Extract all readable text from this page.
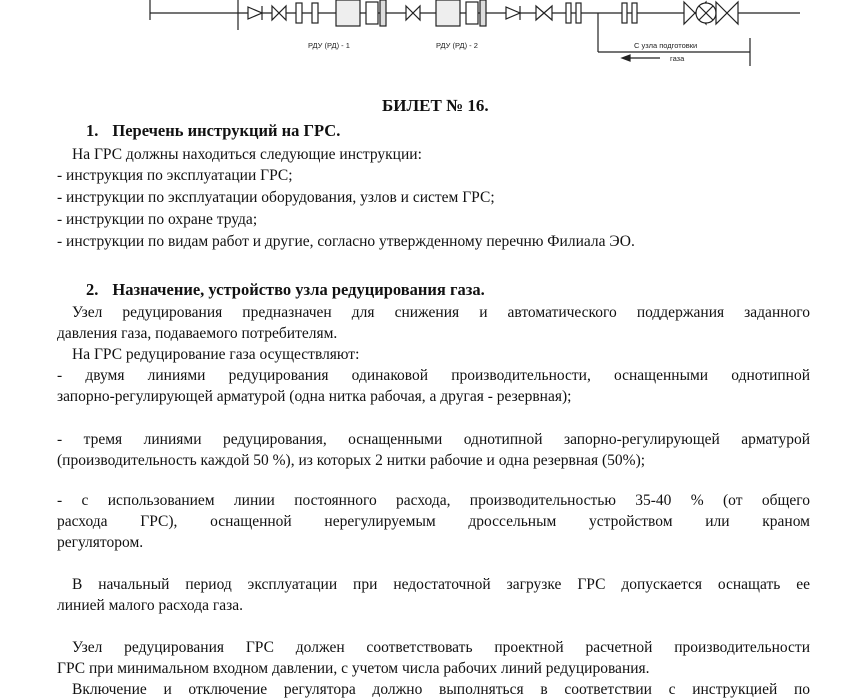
РДУ (РД) - 1	РДУ (РД) - 2	С узла подготовки
газа
БИЛЕТ № 16.
1. Перечень инструкций на ГРС.
На ГРС должны находиться следующие инструкции:
- инструкция по эксплуатации ГРС;
- инструкции по эксплуатации оборудования, узлов и систем ГРС;
- инструкции по охране труда;
- инструкции по видам работ и другие, согласно утвержденному перечню Филиала ЭО.
2. Назначение, устройство узла редуцирования газа.
Узел редуцирования предназначен для снижения и автоматического поддержания заданного
давления газа, подаваемого потребителям.
На ГРС редуцирование газа осуществляют:
- двумя линиями редуцирования одинаковой производительности, оснащенными однотипной
запорно-регулирующей арматурой (одна нитка рабочая, а другая - резервная);
- тремя линиями редуцирования, оснащенными однотипной запорно-регулирующей арматурой
(производительность каждой 50 %), из которых 2 нитки рабочие и одна резервная (50%);
- с использованием линии постоянного расхода, производительностью 35-40 % (от общего
расхода ГРС), оснащенной нерегулируемым дроссельным устройством или краном
регулятором.
В начальный период эксплуатации при недостаточной загрузке ГРС допускается оснащать ее
линией малого расхода газа.
Узел редуцирования ГРС должен соответствовать проектной расчетной производительности
ГРС при минимальном входном давлении, с учетом числа рабочих линий редуцирования.
Включение и отключение регулятора должно выполняться в соответствии с инструкцией по
